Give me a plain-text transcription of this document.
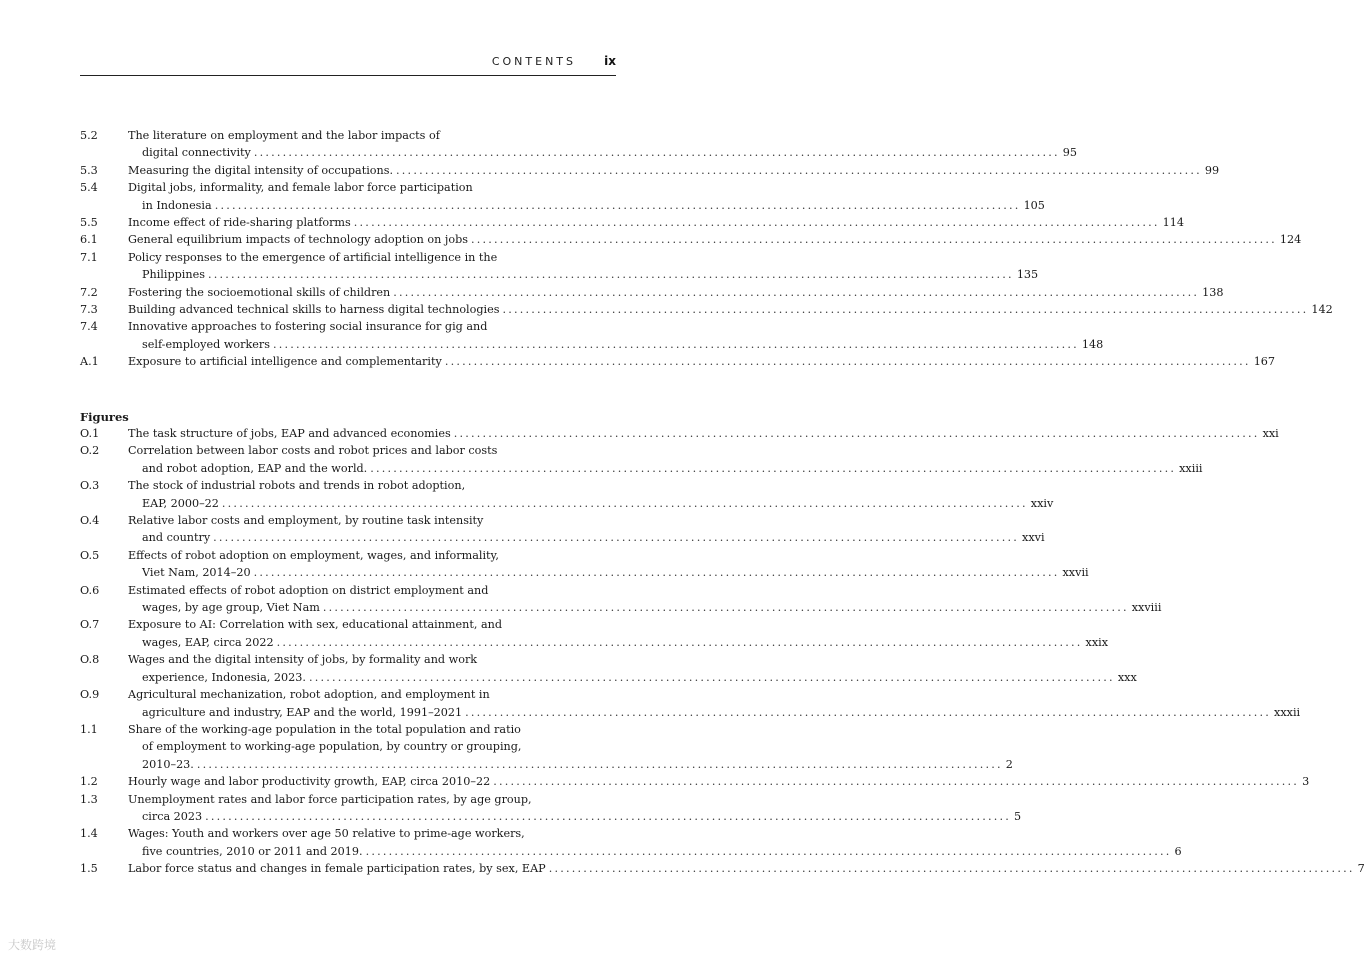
CONTENTS ix
5.2	The literature on employment and the labor impacts of
digital connectivity ............................................................................................................................................ 95
5.3	Measuring the digital intensity of occupations. ............................................................................................................................................ 99
5.4	Digital jobs, informality, and female labor force participation
in Indonesia ............................................................................................................................................ 105
5.5	Income effect of ride-sharing platforms ............................................................................................................................................ 114
6.1	General equilibrium impacts of technology adoption on jobs ............................................................................................................................................ 124
7.1	Policy responses to the emergence of artificial intelligence in the
Philippines ............................................................................................................................................ 135
7.2	Fostering the socioemotional skills of children ............................................................................................................................................ 138
7.3	Building advanced technical skills to harness digital technologies ............................................................................................................................................ 142
7.4	Innovative approaches to fostering social insurance for gig and
self-employed workers ............................................................................................................................................ 148
A.1	Exposure to artificial intelligence and complementarity ............................................................................................................................................ 167
Figures
O.1	The task structure of jobs, EAP and advanced economies ............................................................................................................................................ xxi
O.2	Correlation between labor costs and robot prices and labor costs
and robot adoption, EAP and the world. ............................................................................................................................................ xxiii
O.3	The stock of industrial robots and trends in robot adoption,
EAP, 2000–22 ............................................................................................................................................ xxiv
O.4	Relative labor costs and employment, by routine task intensity
and country ............................................................................................................................................ xxvi
O.5	Effects of robot adoption on employment, wages, and informality,
Viet Nam, 2014–20 ............................................................................................................................................ xxvii
O.6	Estimated effects of robot adoption on district employment and
wages, by age group, Viet Nam ............................................................................................................................................ xxviii
O.7	Exposure to AI: Correlation with sex, educational attainment, and
wages, EAP, circa 2022 ............................................................................................................................................ xxix
O.8	Wages and the digital intensity of jobs, by formality and work
experience, Indonesia, 2023. ............................................................................................................................................ xxx
O.9	Agricultural mechanization, robot adoption, and employment in
agriculture and industry, EAP and the world, 1991–2021 ............................................................................................................................................ xxxii
1.1	Share of the working-age population in the total population and ratio
of employment to working-age population, by country or grouping,
2010–23. ............................................................................................................................................ 2
1.2	Hourly wage and labor productivity growth, EAP, circa 2010–22 ............................................................................................................................................ 3
1.3	Unemployment rates and labor force participation rates, by age group,
circa 2023 ............................................................................................................................................ 5
1.4	Wages: Youth and workers over age 50 relative to prime-age workers,
five countries, 2010 or 2011 and 2019. ............................................................................................................................................ 6
1.5	Labor force status and changes in female participation rates, by sex, EAP ............................................................................................................................................ 7
大数跨境
